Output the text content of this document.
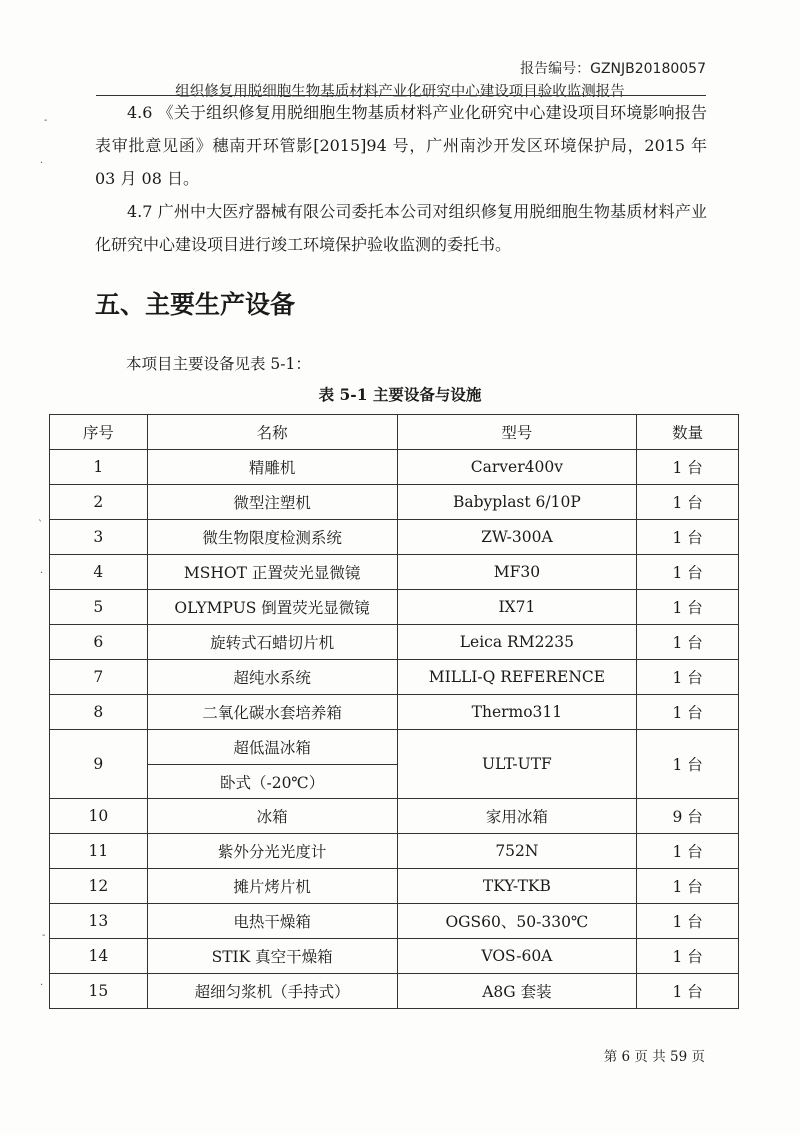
报告编号：GZNJB20180057
组织修复用脱细胞生物基质材料产业化研究中心建设项目验收监测报告
4.6 《关于组织修复用脱细胞生物基质材料产业化研究中心建设项目环境影响报告表审批意见函》穗南开环管影[2015]94 号，广州南沙开发区环境保护局，2015 年 03 月 08 日。
4.7 广州中大医疗器械有限公司委托本公司对组织修复用脱细胞生物基质材料产业化研究中心建设项目进行竣工环境保护验收监测的委托书。
五、主要生产设备
本项目主要设备见表 5-1：
表 5-1 主要设备与设施
序号	名称	型号	数量
1	精雕机	Carver400v	1 台
2	微型注塑机	Babyplast 6/10P	1 台
3	微生物限度检测系统	ZW-300A	1 台
4	MSHOT 正置荧光显微镜	MF30	1 台
5	OLYMPUS 倒置荧光显微镜	IX71	1 台
6	旋转式石蜡切片机	Leica RM2235	1 台
7	超纯水系统	MILLI-Q REFERENCE	1 台
8	二氧化碳水套培养箱	Thermo311	1 台
9	超低温冰箱	ULT-UTF	1 台
	卧式（-20℃）		
10	冰箱	家用冰箱	9 台
11	紫外分光光度计	752N	1 台
12	摊片烤片机	TKY-TKB	1 台
13	电热干燥箱	OGS60、50-330℃	1 台
14	STIK 真空干燥箱	VOS-60A	1 台
15	超细匀浆机（手持式）	A8G 套装	1 台
第 6 页 共 59 页
-
·
`
·
-
·
